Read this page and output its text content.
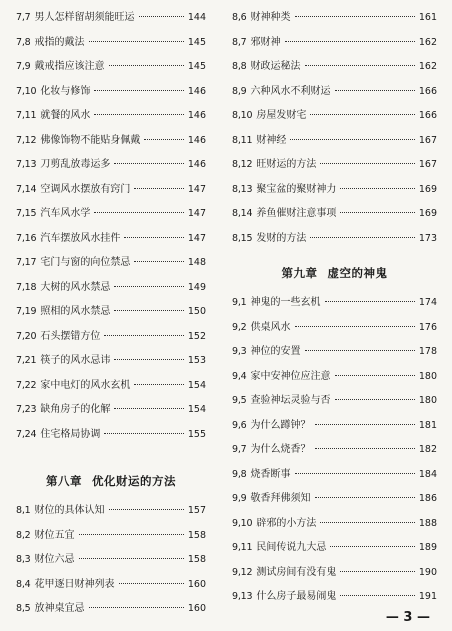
7,7 男人怎样留胡须能旺运	144
7,8 戒指的戴法	145
7,9 戴戒指应该注意	145
7,10 化妆与修饰	146
7,11 就餐的风水	146
7,12 佛像饰物不能贴身佩戴	146
7,13 刀剪乱放毒运多	146
7,14 空调风水摆放有窍门	147
7,15 汽车风水学	147
7,16 汽车摆放风水挂件	147
7,17 宅门与窗的向位禁忌	148
7,18 大树的风水禁忌	149
7,19 照相的风水禁忌	150
7,20 石头摆错方位	152
7,21 筷子的风水忌讳	153
7,22 家中电灯的风水玄机	154
7,23 缺角房子的化解	154
7,24 住宅格局协调	155
第八章 优化财运的方法
8,1 财位的具体认知	157
8,2 财位五宜	158
8,3 财位六忌	158
8,4 花甲逐日财神列表	160
8,5 放神桌宜忌	160
8,6 财神种类	161
8,7 邪财神	162
8,8 财政运秘法	162
8,9 六种风水不利财运	166
8,10 房屋发财宅	166
8,11 财神经	167
8,12 旺财运的方法	167
8,13 聚宝盆的聚财神力	169
8,14 养鱼催财注意事项	169
8,15 发财的方法	173
第九章 虚空的神鬼
9,1 神鬼的一些玄机	174
9,2 供桌风水	176
9,3 神位的安置	178
9,4 家中安神位应注意	180
9,5 查验神坛灵验与否	180
9,6 为什么蹲钟？	181
9,7 为什么烧香？	182
9,8 烧香断事	184
9,9 敬香拜佛须知	186
9,10 辟邪的小方法	188
9,11 民间传说九大忌	189
9,12 测试房间有没有鬼	190
9,13 什么房子最易闹鬼	191
— 3 —
